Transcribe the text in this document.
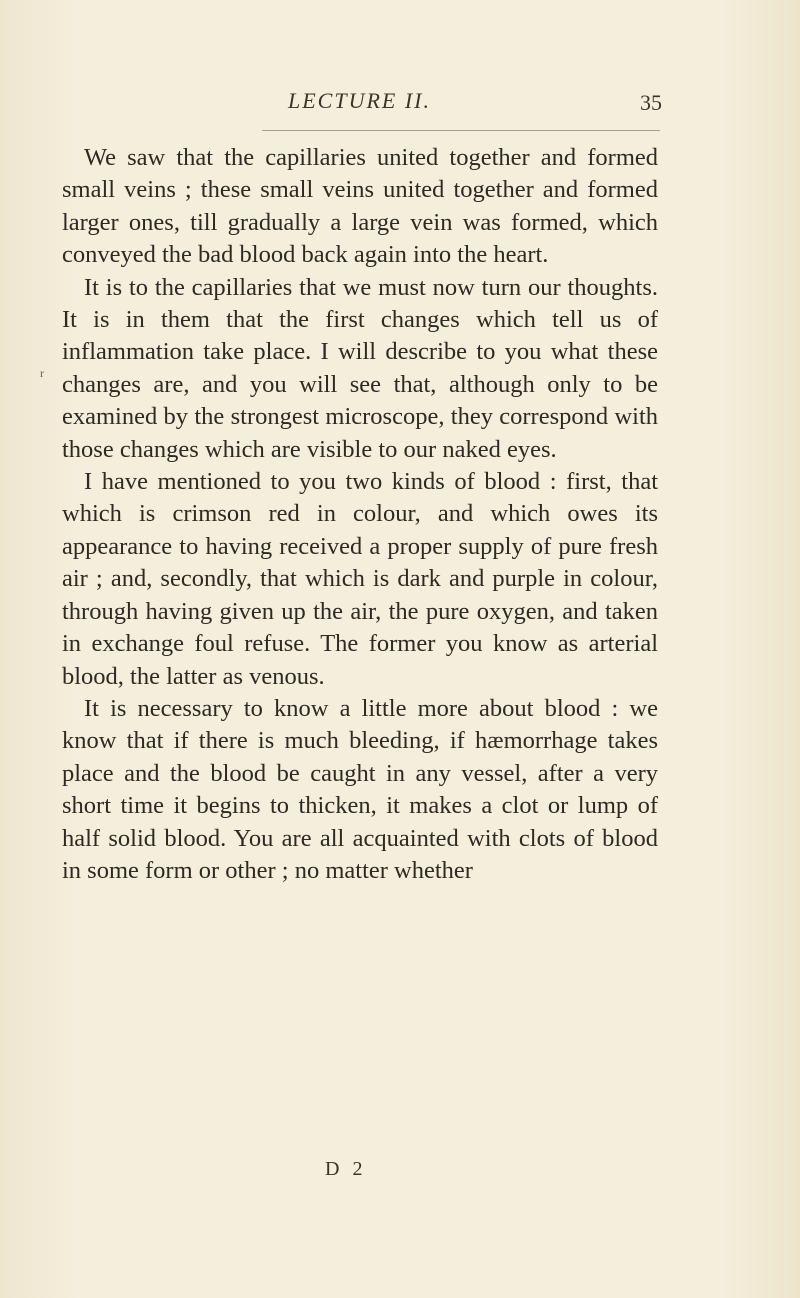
LECTURE II.	35
r

We saw that the capillaries united together and formed small veins ; these small veins united together and formed larger ones, till gradually a large vein was formed, which conveyed the bad blood back again into the heart.

It is to the capillaries that we must now turn our thoughts. It is in them that the first changes which tell us of inflammation take place. I will describe to you what these changes are, and you will see that, although only to be examined by the strongest microscope, they correspond with those changes which are visible to our naked eyes.

I have mentioned to you two kinds of blood : first, that which is crimson red in colour, and which owes its appearance to having received a proper supply of pure fresh air ; and, secondly, that which is dark and purple in colour, through having given up the air, the pure oxygen, and taken in exchange foul refuse. The former you know as arterial blood, the latter as venous.

It is necessary to know a little more about blood : we know that if there is much bleeding, if hæmorrhage takes place and the blood be caught in any vessel, after a very short time it begins to thicken, it makes a clot or lump of half solid blood. You are all acquainted with clots of blood in some form or other ; no matter whether

D 2
